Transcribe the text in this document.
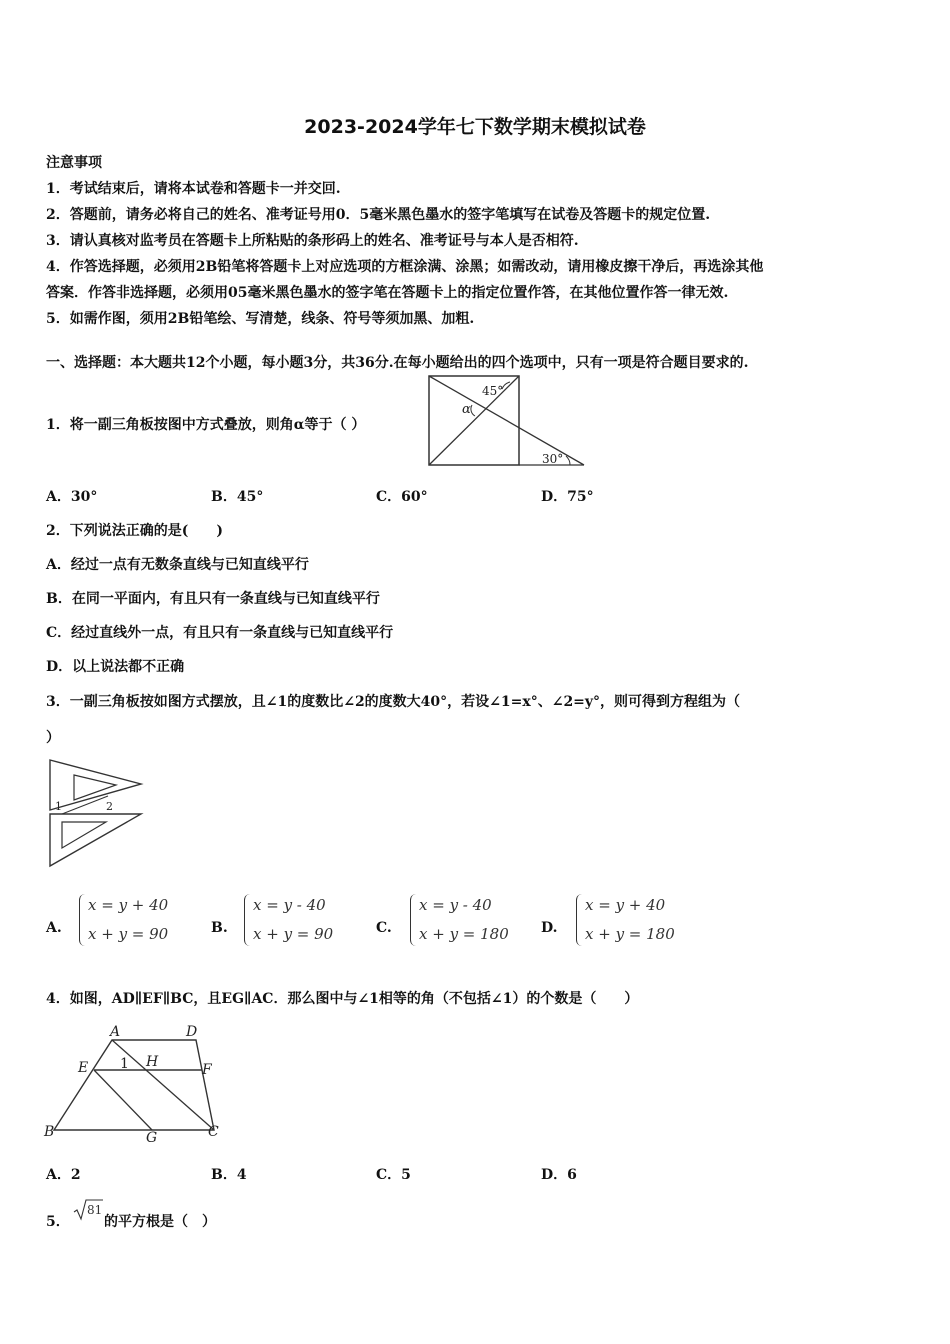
2023-2024学年七下数学期末模拟试卷
注意事项
1．考试结束后，请将本试卷和答题卡一并交回.
2．答题前，请务必将自己的姓名、准考证号用0．5毫米黑色墨水的签字笔填写在试卷及答题卡的规定位置.
3．请认真核对监考员在答题卡上所粘贴的条形码上的姓名、准考证号与本人是否相符.
4．作答选择题，必须用2B铅笔将答题卡上对应选项的方框涂满、涂黑；如需改动，请用橡皮擦干净后，再选涂其他
答案．作答非选择题，必须用05毫米黑色墨水的签字笔在答题卡上的指定位置作答，在其他位置作答一律无效.
5．如需作图，须用2B铅笔绘、写清楚，线条、符号等须加黑、加粗.
一、选择题：本大题共12个小题，每小题3分，共36分.在每小题给出的四个选项中，只有一项是符合题目要求的.
1．将一副三角板按图中方式叠放，则角α等于（ ）
45°
α
30°
A．30°	B．45°	C．60°	D．75°
2．下列说法正确的是(　　)
A．经过一点有无数条直线与已知直线平行
B．在同一平面内，有且只有一条直线与已知直线平行
C．经过直线外一点，有且只有一条直线与已知直线平行
D．以上说法都不正确
3．一副三角板按如图方式摆放，且∠1的度数比∠2的度数大40°，若设∠1=x°、∠2=y°，则可得到方程组为（
）
1	2
A.
x = y + 40
x + y = 90	B.
x = y - 40
x + y = 90	C.
x = y - 40
x + y = 180 D.
x = y + 40
x + y = 180
4．如图，AD∥EF∥BC，且EG∥AC．那么图中与∠1相等的角（不包括∠1）的个数是（　　）
A	D
E 1 H	F
B	G	C
A．2	B．4	C．5	D．6
5．
81
的平方根是（　）
